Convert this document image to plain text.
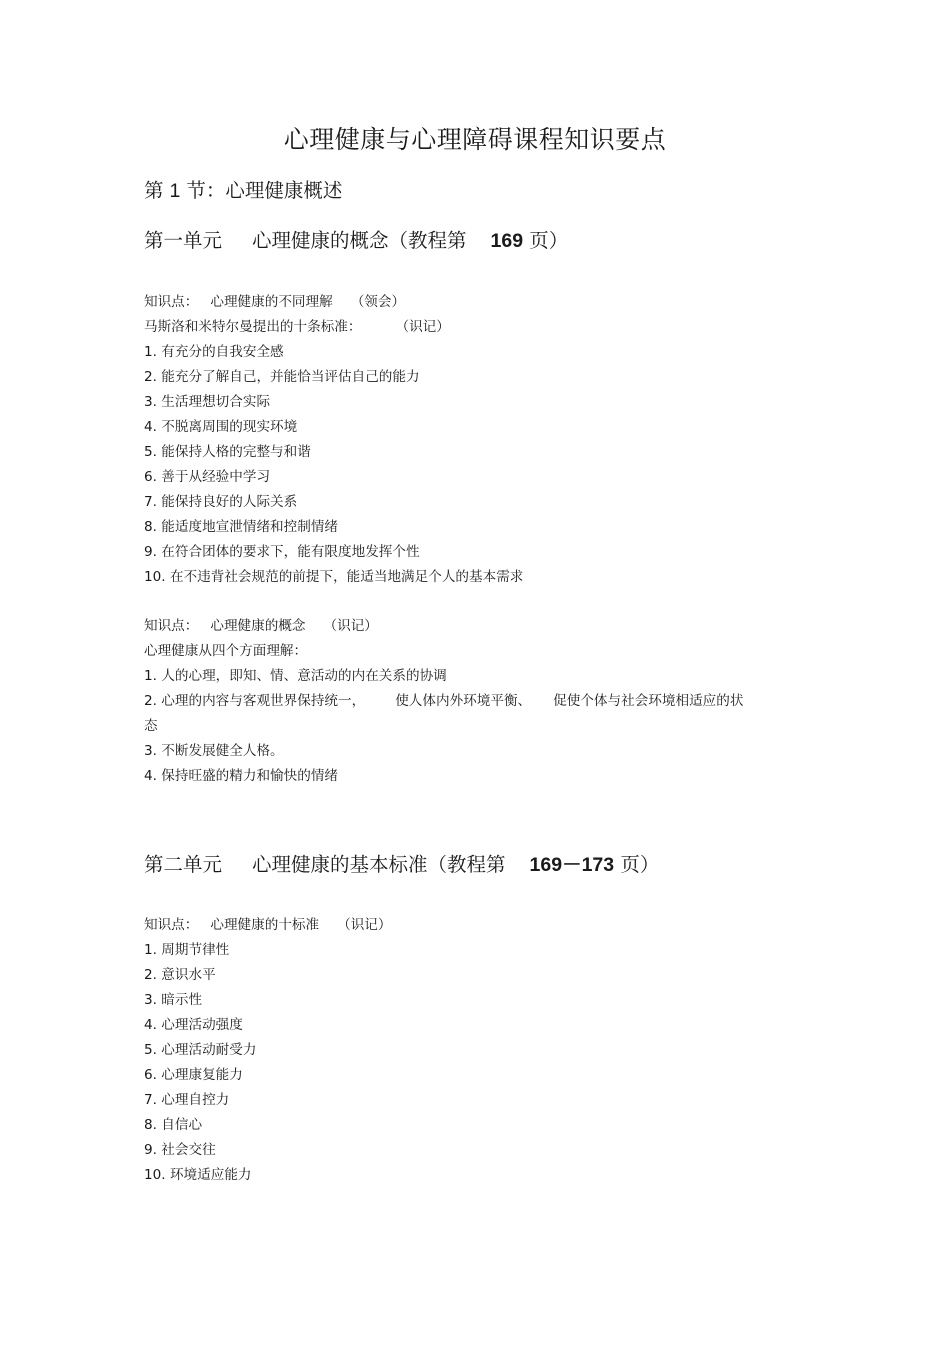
心理健康与心理障碍课程知识要点
第 1 节：心理健康概述
第一单元 心理健康的概念（教程第 169 页）
知识点： 心理健康的不同理解 （领会）
马斯洛和米特尔曼提出的十条标准：	（识记）
1. 有充分的自我安全感
2. 能充分了解自己，并能恰当评估自己的能力
3. 生活理想切合实际
4. 不脱离周围的现实环境
5. 能保持人格的完整与和谐
6. 善于从经验中学习
7. 能保持良好的人际关系
8. 能适度地宣泄情绪和控制情绪
9. 在符合团体的要求下，能有限度地发挥个性
10. 在不违背社会规范的前提下，能适当地满足个人的基本需求
知识点： 心理健康的概念 （识记）
心理健康从四个方面理解：
1. 人的心理，即知、情、意活动的内在关系的协调
2. 心理的内容与客观世界保持统一， 使人体内外环境平衡、 促使个体与社会环境相适应的状
态
3. 不断发展健全人格。
4. 保持旺盛的精力和愉快的情绪
第二单元 心理健康的基本标准（教程第 169－173 页）
知识点： 心理健康的十标准 （识记）
1. 周期节律性
2. 意识水平
3. 暗示性
4. 心理活动强度
5. 心理活动耐受力
6. 心理康复能力
7. 心理自控力
8. 自信心
9. 社会交往
10. 环境适应能力
